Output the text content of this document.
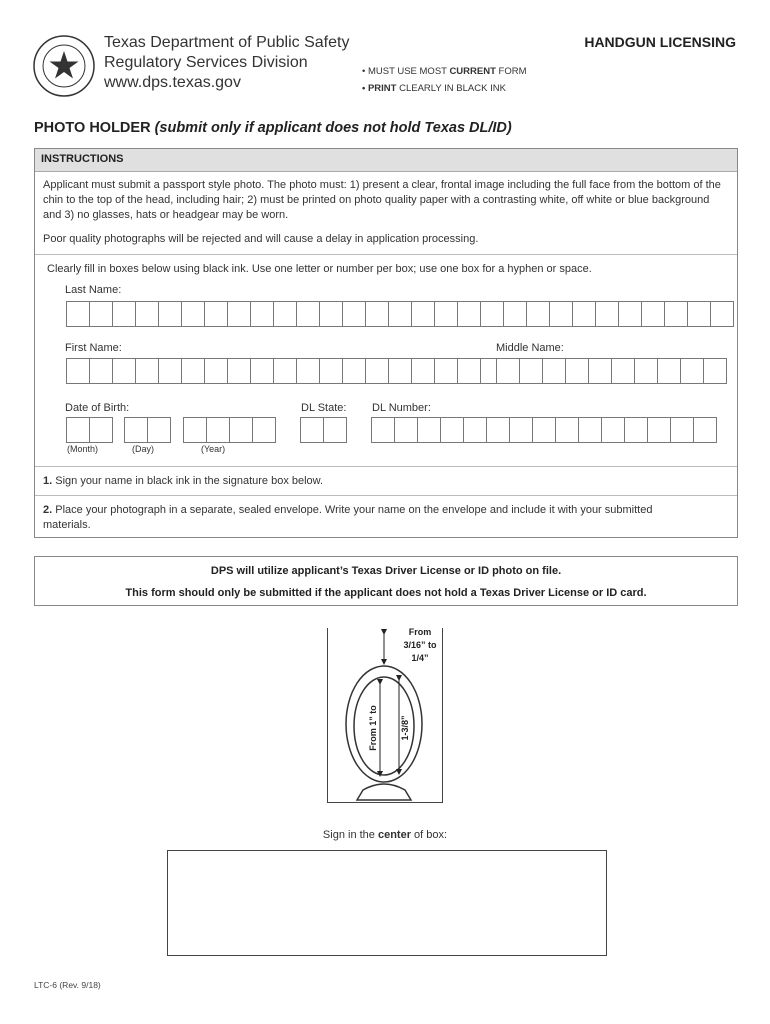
Texas Department of Public Safety
Regulatory Services Division
www.dps.texas.gov
HANDGUN LICENSING
• MUST USE MOST CURRENT FORM
• PRINT CLEARLY IN BLACK INK
PHOTO HOLDER (submit only if applicant does not hold Texas DL/ID)
INSTRUCTIONS
Applicant must submit a passport style photo. The photo must: 1) present a clear, frontal image including the full face from the bottom of the chin to the top of the head, including hair; 2) must be printed on photo quality paper with a contrasting white, off white or blue background and 3) no glasses, hats or headgear may be worn.
Poor quality photographs will be rejected and will cause a delay in application processing.
Clearly fill in boxes below using black ink. Use one letter or number per box; use one box for a hyphen or space.
Last Name:
First Name:	Middle Name:
Date of Birth:
(Month)	(Day)	(Year)
DL State: DL Number:
1. Sign your name in black ink in the signature box below.
2. Place your photograph in a separate, sealed envelope. Write your name on the envelope and include it with your submitted materials.
DPS will utilize applicant’s Texas Driver License or ID photo on file.
This form should only be submitted if the applicant does not hold a Texas Driver License or ID card.
From 3/16” to 1/4”
From 1” to 1-3/8”
Sign in the center of box:
LTC-6 (Rev. 9/18)
